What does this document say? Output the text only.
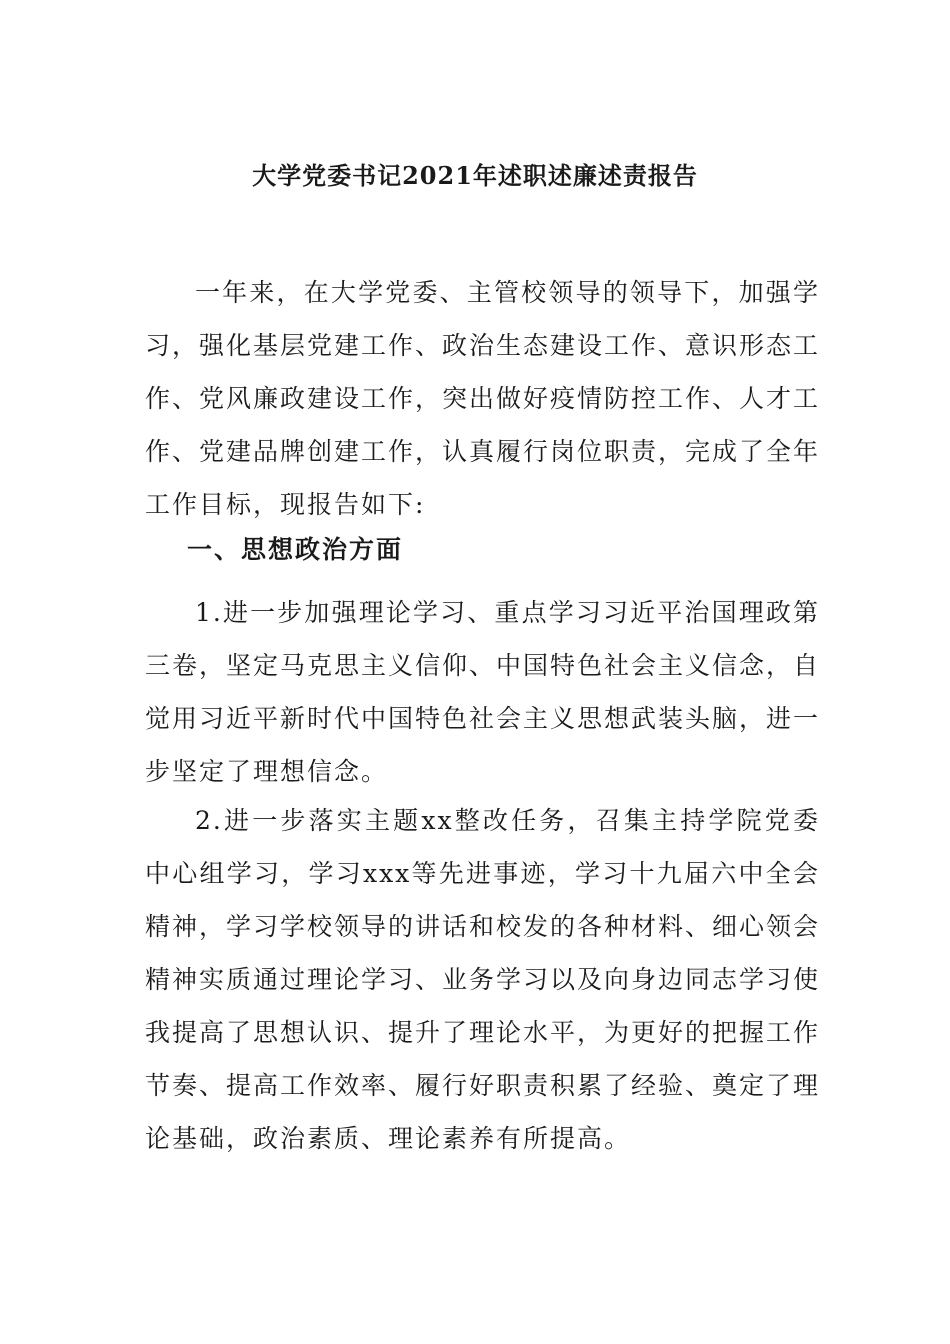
大学党委书记2021年述职述廉述责报告

一年来，在大学党委、主管校领导的领导下，加强学习，强化基层党建工作、政治生态建设工作、意识形态工作、党风廉政建设工作，突出做好疫情防控工作、人才工作、党建品牌创建工作，认真履行岗位职责，完成了全年工作目标，现报告如下:

一、思想政治方面

1.进一步加强理论学习、重点学习习近平治国理政第三卷，坚定马克思主义信仰、中国特色社会主义信念，自觉用习近平新时代中国特色社会主义思想武装头脑，进一步坚定了理想信念。

2.进一步落实主题xx整改任务，召集主持学院党委中心组学习，学习xxx等先进事迹，学习十九届六中全会精神，学习学校领导的讲话和校发的各种材料、细心领会精神实质通过理论学习、业务学习以及向身边同志学习使我提高了思想认识、提升了理论水平，为更好的把握工作节奏、提高工作效率、履行好职责积累了经验、奠定了理论基础，政治素质、理论素养有所提高。
